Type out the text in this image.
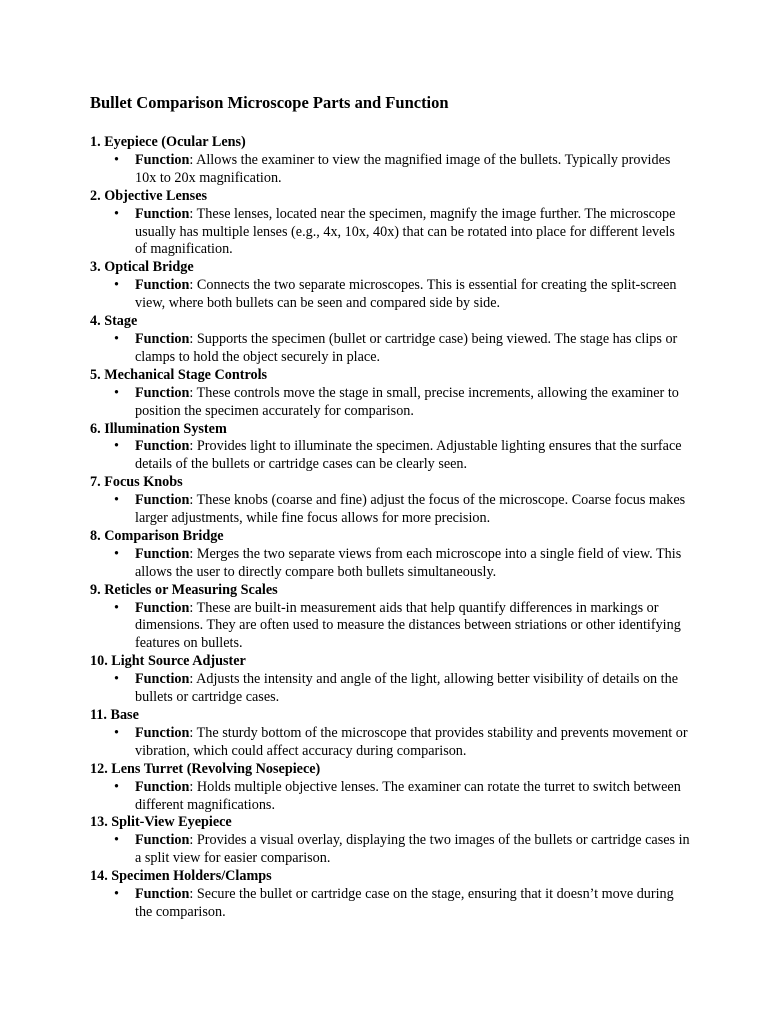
Bullet Comparison Microscope Parts and Function
1. Eyepiece (Ocular Lens)
• Function: Allows the examiner to view the magnified image of the bullets. Typically provides 10x to 20x magnification.
2. Objective Lenses
• Function: These lenses, located near the specimen, magnify the image further. The microscope usually has multiple lenses (e.g., 4x, 10x, 40x) that can be rotated into place for different levels of magnification.
3. Optical Bridge
• Function: Connects the two separate microscopes. This is essential for creating the split-screen view, where both bullets can be seen and compared side by side.
4. Stage
• Function: Supports the specimen (bullet or cartridge case) being viewed. The stage has clips or clamps to hold the object securely in place.
5. Mechanical Stage Controls
• Function: These controls move the stage in small, precise increments, allowing the examiner to position the specimen accurately for comparison.
6. Illumination System
• Function: Provides light to illuminate the specimen. Adjustable lighting ensures that the surface details of the bullets or cartridge cases can be clearly seen.
7. Focus Knobs
• Function: These knobs (coarse and fine) adjust the focus of the microscope. Coarse focus makes larger adjustments, while fine focus allows for more precision.
8. Comparison Bridge
• Function: Merges the two separate views from each microscope into a single field of view. This allows the user to directly compare both bullets simultaneously.
9. Reticles or Measuring Scales
• Function: These are built-in measurement aids that help quantify differences in markings or dimensions. They are often used to measure the distances between striations or other identifying features on bullets.
10. Light Source Adjuster
• Function: Adjusts the intensity and angle of the light, allowing better visibility of details on the bullets or cartridge cases.
11. Base
• Function: The sturdy bottom of the microscope that provides stability and prevents movement or vibration, which could affect accuracy during comparison.
12. Lens Turret (Revolving Nosepiece)
• Function: Holds multiple objective lenses. The examiner can rotate the turret to switch between different magnifications.
13. Split-View Eyepiece
• Function: Provides a visual overlay, displaying the two images of the bullets or cartridge cases in a split view for easier comparison.
14. Specimen Holders/Clamps
• Function: Secure the bullet or cartridge case on the stage, ensuring that it doesn’t move during the comparison.
